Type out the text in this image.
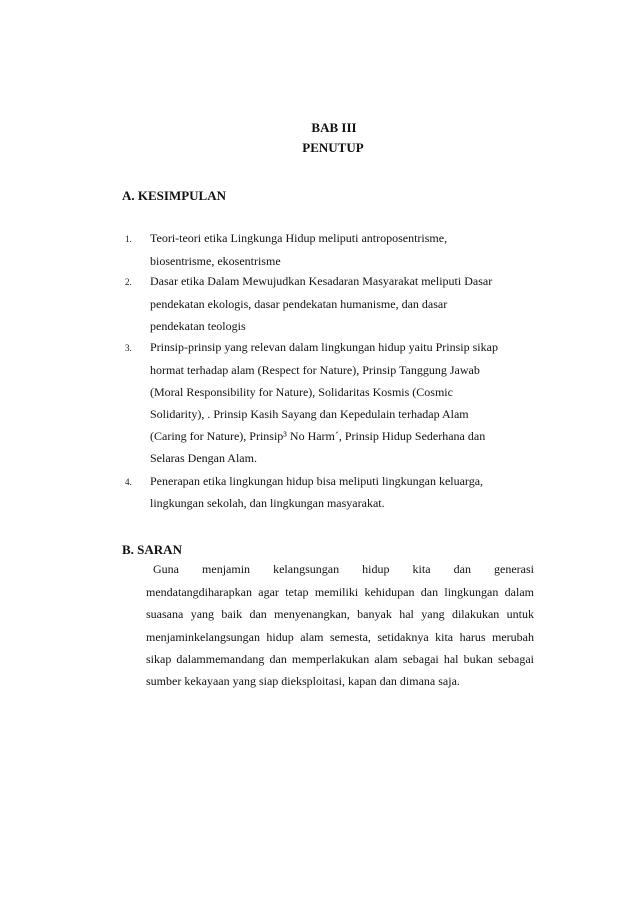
BAB III
PENUTUP
A. KESIMPULAN
1. Teori-teori etika Lingkunga Hidup meliputi antroposentrisme,
biosentrisme, ekosentrisme
2. Dasar etika Dalam Mewujudkan Kesadaran Masyarakat meliputi Dasar
pendekatan ekologis, dasar pendekatan humanisme, dan dasar
pendekatan teologis
3. Prinsip-prinsip yang relevan dalam lingkungan hidup yaitu Prinsip sikap
hormat terhadap alam (Respect for Nature), Prinsip Tanggung Jawab
(Moral Responsibility for Nature), Solidaritas Kosmis (Cosmic
Solidarity), . Prinsip Kasih Sayang dan Kepedulain terhadap Alam
(Caring for Nature), Prinsip³ No Harm´, Prinsip Hidup Sederhana dan
Selaras Dengan Alam.
4. Penerapan etika lingkungan hidup bisa meliputi lingkungan keluarga,
lingkungan sekolah, dan lingkungan masyarakat.
B. SARAN
Guna menjamin kelangsungan hidup kita dan generasi
mendatangdiharapkan agar tetap memiliki kehidupan dan lingkungan dalam
suasana yang baik dan menyenangkan, banyak hal yang dilakukan untuk
menjaminkelangsungan hidup alam semesta, setidaknya kita harus merubah
sikap dalammemandang dan memperlakukan alam sebagai hal bukan sebagai
sumber kekayaan yang siap dieksploitasi, kapan dan dimana saja.
